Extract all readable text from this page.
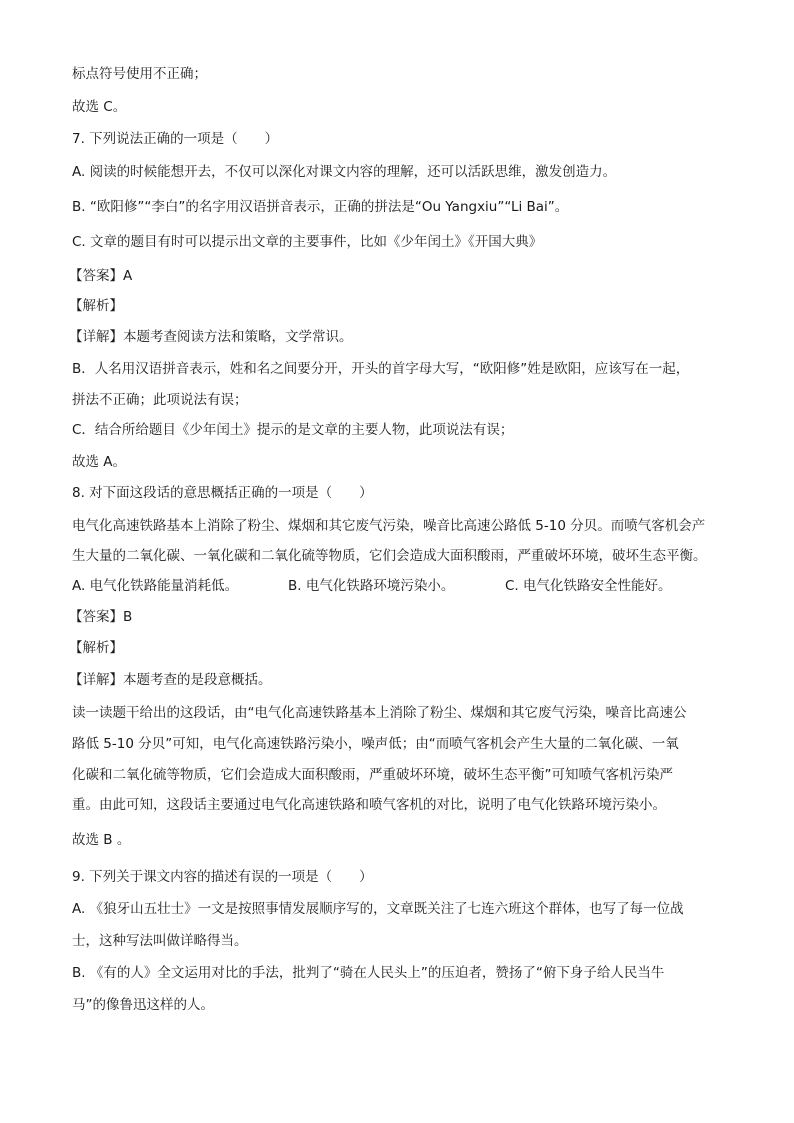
标点符号使用不正确；
故选 C。
7. 下列说法正确的一项是（　　）
A. 阅读的时候能想开去，不仅可以深化对课文内容的理解，还可以活跃思维，激发创造力。
B. “欧阳修”“李白”的名字用汉语拼音表示，正确的拼法是“Ou Yangxiu”“Li Bai”。
C. 文章的题目有时可以提示出文章的主要事件，比如《少年闰土》《开国大典》
【答案】A
【解析】
【详解】本题考查阅读方法和策略，文学常识。
B．人名用汉语拼音表示，姓和名之间要分开，开头的首字母大写，“欧阳修”姓是欧阳，应该写在一起，
拼法不正确；此项说法有误；
C．结合所给题目《少年闰土》提示的是文章的主要人物，此项说法有误；
故选 A。
8. 对下面这段话的意思概括正确的一项是（　　）
电气化高速铁路基本上消除了粉尘、煤烟和其它废气污染，噪音比高速公路低 5-10 分贝。而喷气客机会产
生大量的二氧化碳、一氧化碳和二氧化硫等物质，它们会造成大面积酸雨，严重破坏环境，破坏生态平衡。
A. 电气化铁路能量消耗低。	B. 电气化铁路环境污染小。	C. 电气化铁路安全性能好。
【答案】B
【解析】
【详解】本题考查的是段意概括。
读一读题干给出的这段话，由“电气化高速铁路基本上消除了粉尘、煤烟和其它废气污染，噪音比高速公
路低 5-10 分贝”可知，电气化高速铁路污染小，噪声低；由“而喷气客机会产生大量的二氧化碳、一氧
化碳和二氧化硫等物质，它们会造成大面积酸雨，严重破坏环境，破坏生态平衡”可知喷气客机污染严
重。由此可知，这段话主要通过电气化高速铁路和喷气客机的对比，说明了电气化铁路环境污染小。
故选 B 。
9. 下列关于课文内容的描述有误的一项是（　　）
A. 《狼牙山五壮士》一文是按照事情发展顺序写的，文章既关注了七连六班这个群体，也写了每一位战
士，这种写法叫做详略得当。
B. 《有的人》全文运用对比的手法，批判了“骑在人民头上”的压迫者，赞扬了“俯下身子给人民当牛
马”的像鲁迅这样的人。
